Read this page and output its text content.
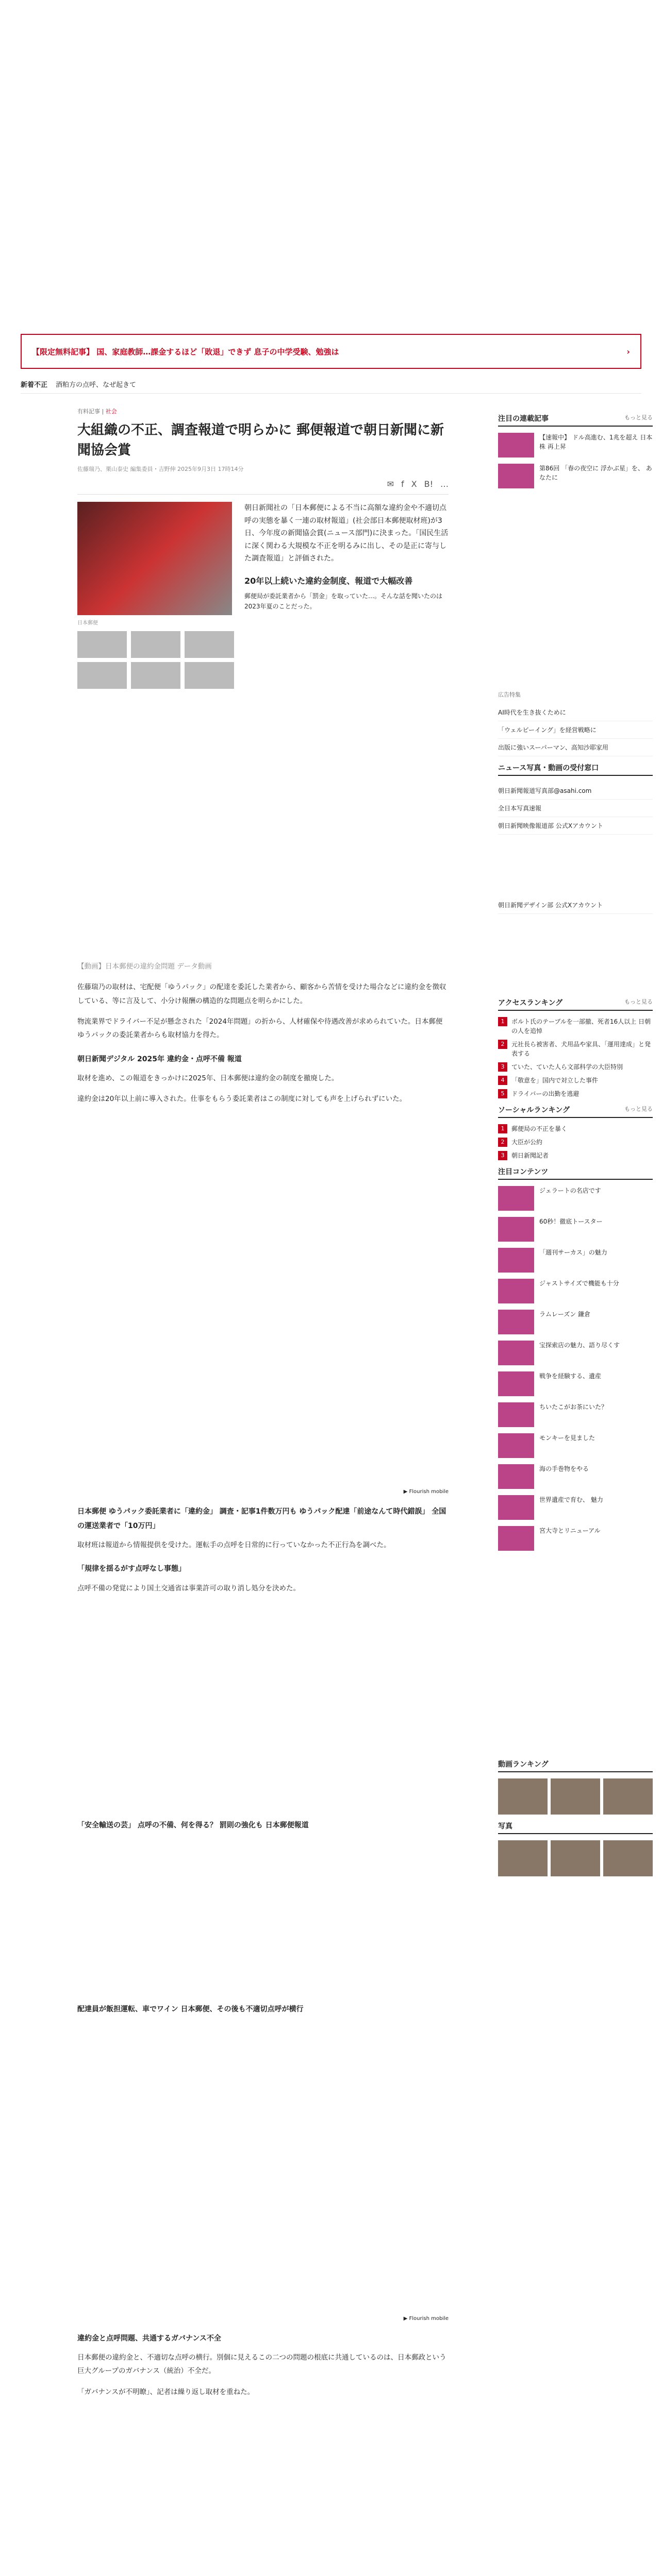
【限定無料記事】 国、家庭教師…課金するほど「敗退」できず 息子の中学受験、勉強は	›
新着不正 酒粕方の点呼、なぜ起きて
有料記事 | 社会
大組織の不正、調査報道で明らかに 郵便報道で朝日新聞に新聞協会賞
佐藤瑞乃、栗山泰史 編集委員・吉野伸 2025年9月3日 17時14分
✉ f X B! …
日本郵便

朝日新聞社の「日本郵便による不当に高額な違約金や不適切点呼の実態を暴く一連の取材報道」(社会部日本郵便取材班)が3日、今年度の新聞協会賞(ニュース部門)に決まった。「国民生活に深く関わる大規模な不正を明るみに出し、その是正に寄与した調査報道」と評価された。

20年以上続いた違約金制度、報道で大幅改善

郵便局が委託業者から「罰金」を取っていた…。そんな話を聞いたのは2023年夏のことだった。

【動画】日本郵便の違約金問題 データ動画

佐藤瑞乃の取材は、宅配便「ゆうパック」の配達を委託した業者から、顧客から苦情を受けた場合などに違約金を徴収している、等に言及して、小分け報酬の構造的な問題点を明らかにした。

物流業界でドライバー不足が懸念された「2024年問題」の折から、人材確保や待遇改善が求められていた。日本郵便ゆうパックの委託業者からも取材協力を得た。

朝日新聞デジタル 2025年 違約金・点呼不備 報道

取材を進め、この報道をきっかけに2025年、日本郵便は違約金の制度を撤廃した。

違約金は20年以上前に導入された。仕事をもらう委託業者はこの制度に対しても声を上げられずにいた。

▶ Flourish mobile

日本郵便 ゆうパック委託業者に「違約金」 調査・記事1件数万円も ゆうパック配達「前途なんて時代錯誤」 全国の運送業者で「10万円」

取材班は報道から情報提供を受けた。運転手の点呼を日常的に行っていなかった不正行為を調べた。

「規律を揺るがす点呼なし事態」

点呼不備の発覚により国土交通省は事業許可の取り消し処分を決めた。

「安全輸送の芸」 点呼の不備、何を得る？ 罰則の強化も 日本郵便報道

配達員が飯担運転、車でワイン 日本郵便、その後も不適切点呼が横行

▶ Flourish mobile

違約金と点呼問題、共通するガバナンス不全

日本郵便の違約金と、不適切な点呼の横行。別個に見えるこの二つの問題の根底に共通しているのは、日本郵政という巨大グループのガバナンス（統治）不全だ。

「ガバナンスが不明瞭」、記者は繰り返し取材を重ねた。

注目の連載記事	もっと見る
【速報中】 ドル高進む、1兆を超え 日本株 再上昇
第86回 「春の夜空に 浮かぶ星」を、 あなたに
広告特集
AI時代を生き抜くために
「ウェルビーイング」を経営戦略に
出版に強いスーパーマン、高知沙耶家用
ニュース写真・動画の受付窓口
朝日新聞報道写真部@asahi.com
全日本写真速報
朝日新聞映像報道部 公式Xアカウント
朝日新聞デザイン部 公式Xアカウント
アクセスランキング	もっと見る
1	ボルト氏のテーブルを一部撤、死者16人以上 日朝の人を追悼
2	元社長ら被害者、犬用品や家具、「運用達成」と発表する
3	ていた、ていた人ら文部科学の大臣特別
4	「敬意を」国内で対立した事件
5	ドライバーの出勤を逃避
ソーシャルランキング	もっと見る
1	郵便局の不正を暴く
2	大臣が公約
3	朝日新聞記者
注目コンテンツ
ジェラートの名店です
60秒！徹底トースター
「週刊サーカス」の魅力
ジャストサイズで機能も十分
ラムレーズン 鎌倉
宝探索店の魅力、語り尽くす
戦争を経験する、遺産
ちいたこがお茶にいた？
モンキーを見ました
海の手巻物をやる
世界遺産で育む、 魅力
宮大寺とリニューアル
動画ランキング
写真
